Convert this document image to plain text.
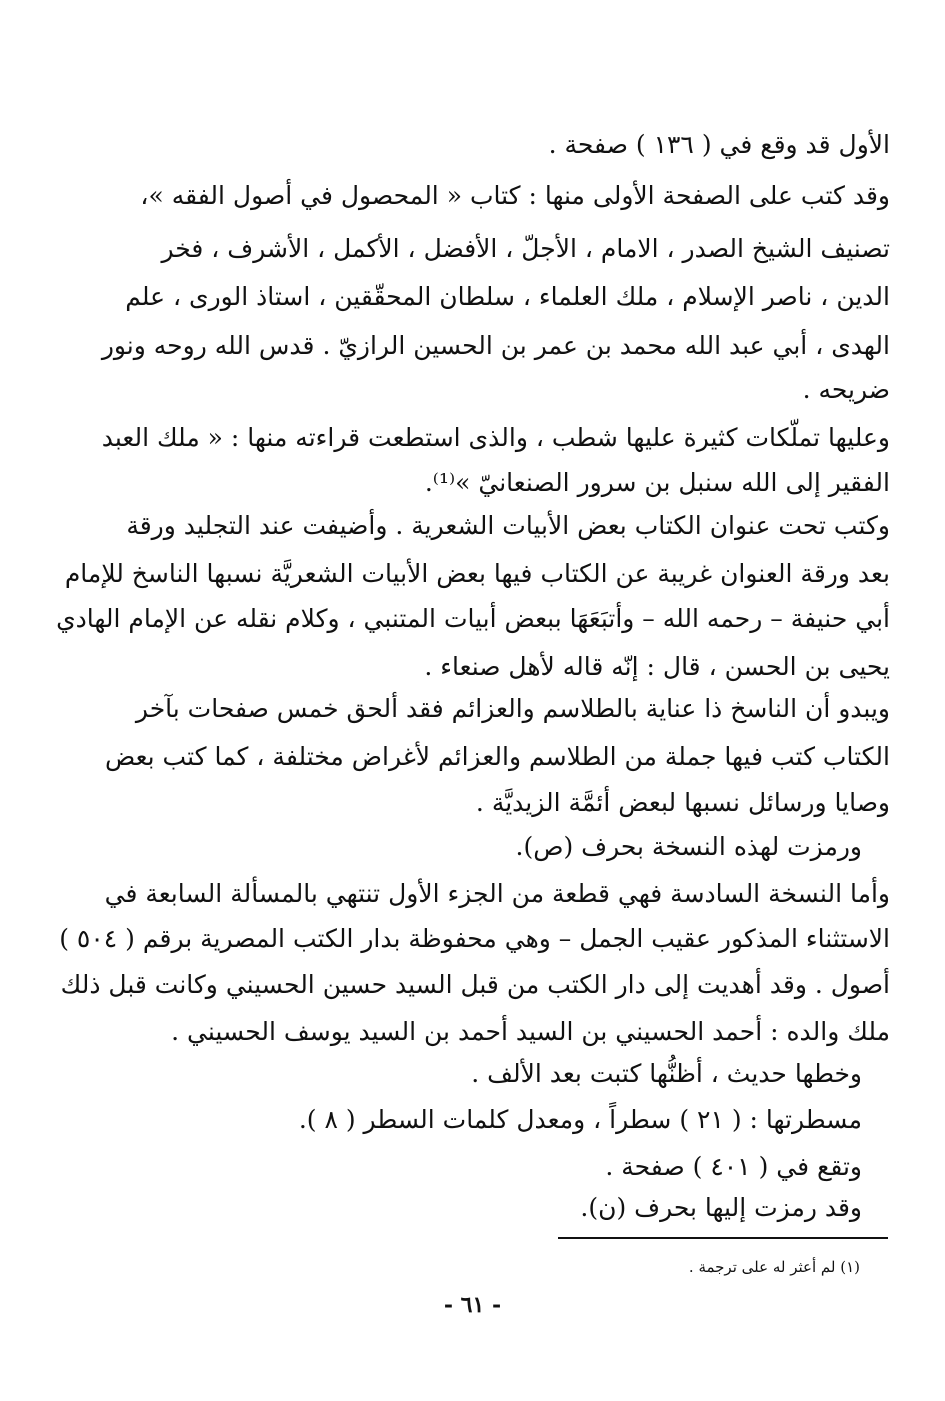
الأول قد وقع في ( ١٣٦ ) صفحة .
وقد كتب على الصفحة الأولى منها : كتاب « المحصول في أصول الفقه »،
تصنيف الشيخ الصدر ، الامام ، الأجلّ ، الأفضل ، الأكمل ، الأشرف ، فخر
الدين ، ناصر الإسلام ، ملك العلماء ، سلطان المحقّقين ، استاذ الورى ، علم
الهدى ، أبي عبد الله محمد بن عمر بن الحسين الرازيّ . قدس الله روحه ونور
ضريحه .
وعليها تملّكات كثيرة عليها شطب ، والذى استطعت قراءته منها : « ملك العبد
الفقير إلى الله سنبل بن سرور الصنعانيّ »⁽¹⁾.
وكتب تحت عنوان الكتاب بعض الأبيات الشعرية . وأضيفت عند التجليد ورقة
بعد ورقة العنوان غريبة عن الكتاب فيها بعض الأبيات الشعريَّة نسبها الناسخ للإمام
أبي حنيفة – رحمه الله – وأتبَعَهَا ببعض أبيات المتنبي ، وكلام نقله عن الإمام الهادي
يحيى بن الحسن ، قال : إنّه قاله لأهل صنعاء .
ويبدو أن الناسخ ذا عناية بالطلاسم والعزائم فقد ألحق خمس صفحات بآخر
الكتاب كتب فيها جملة من الطلاسم والعزائم لأغراض مختلفة ، كما كتب بعض
وصايا ورسائل نسبها لبعض أئمَّة الزيديَّة .
ورمزت لهذه النسخة بحرف (ص).
وأما النسخة السادسة فهي قطعة من الجزء الأول تنتهي بالمسألة السابعة في
الاستثناء المذكور عقيب الجمل – وهي محفوظة بدار الكتب المصرية برقم ( ٥٠٤ )
أصول . وقد أهديت إلى دار الكتب من قبل السيد حسين الحسيني وكانت قبل ذلك
ملك والده : أحمد الحسيني بن السيد أحمد بن السيد يوسف الحسيني .
وخطها حديث ، أظنُّها كتبت بعد الألف .
مسطرتها : ( ٢١ ) سطراً ، ومعدل كلمات السطر ( ٨ ).
وتقع في ( ٤٠١ ) صفحة .
وقد رمزت إليها بحرف (ن).
(١) لم أعثر له على ترجمة .
- ٦١ -
